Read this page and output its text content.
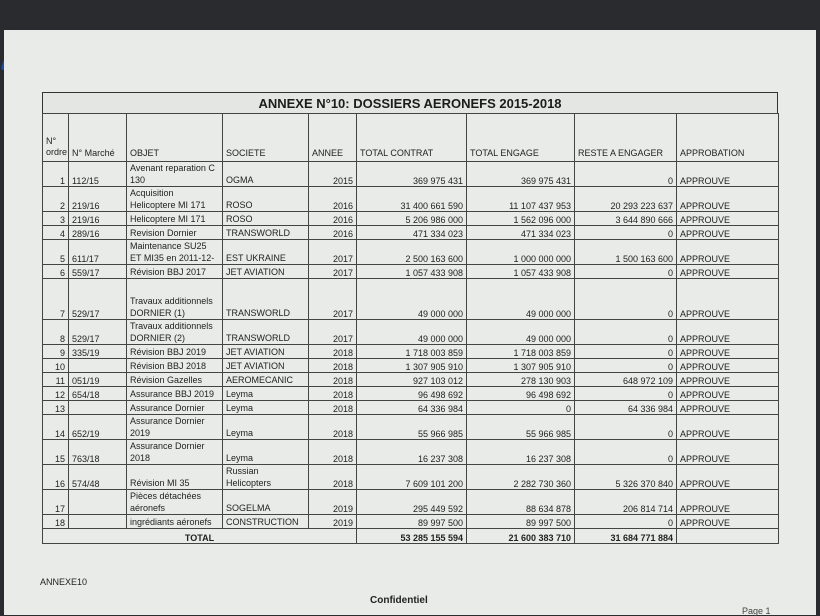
ANNEXE N°10: DOSSIERS AERONEFS 2015-2018
N° ordre	N° Marché	OBJET	SOCIETE	ANNEE	TOTAL CONTRAT	TOTAL ENGAGE	RESTE A ENGAGER	APPROBATION
1	112/15	Avenant reparation C 130	OGMA	2015	369 975 431	369 975 431	0	APPROUVE
2	219/16	Acquisition Helicoptere MI 171	ROSO	2016	31 400 661 590	11 107 437 953	20 293 223 637	APPROUVE
3	219/16	Helicoptere MI 171	ROSO	2016	5 206 986 000	1 562 096 000	3 644 890 666	APPROUVE
4	289/16	Revision Dornier	TRANSWORLD	2016	471 334 023	471 334 023	0	APPROUVE
5	611/17	Maintenance SU25 ET MI35 en 2011-12-	EST UKRAINE	2017	2 500 163 600	1 000 000 000	1 500 163 600	APPROUVE
6	559/17	Révision BBJ 2017	JET AVIATION	2017	1 057 433 908	1 057 433 908	0	APPROUVE
7	529/17	Travaux additionnels DORNIER (1)	TRANSWORLD	2017	49 000 000	49 000 000	0	APPROUVE
8	529/17	Travaux additionnels DORNIER (2)	TRANSWORLD	2017	49 000 000	49 000 000	0	APPROUVE
9	335/19	Révision BBJ 2019	JET AVIATION	2018	1 718 003 859	1 718 003 859	0	APPROUVE
10		Révision BBJ 2018	JET AVIATION	2018	1 307 905 910	1 307 905 910	0	APPROUVE
11	051/19	Révision Gazelles	AEROMECANIC	2018	927 103 012	278 130 903	648 972 109	APPROUVE
12	654/18	Assurance BBJ 2019	Leyma	2018	96 498 692	96 498 692	0	APPROUVE
13		Assurance Dornier	Leyma	2018	64 336 984	0	64 336 984	APPROUVE
14	652/19	Assurance Dornier 2019	Leyma	2018	55 966 985	55 966 985	0	APPROUVE
15	763/18	Assurance Dornier 2018	Leyma	2018	16 237 308	16 237 308	0	APPROUVE
16	574/48	Révision MI 35	Russian Helicopters	2018	7 609 101 200	2 282 730 360	5 326 370 840	APPROUVE
17		Pièces détachées aéronefs	SOGELMA	2019	295 449 592	88 634 878	206 814 714	APPROUVE
18		ingrédiants aéronefs	CONSTRUCTION	2019	89 997 500	89 997 500	0	APPROUVE
TOTAL					53 285 155 594	21 600 383 710	31 684 771 884	
ANNEXE10
Confidentiel
Page 1
